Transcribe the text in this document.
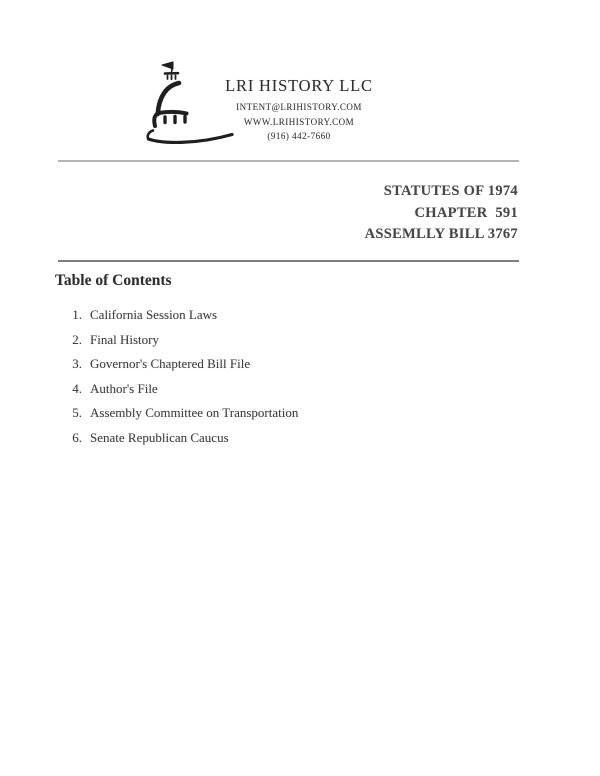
LRI HISTORY LLC
INTENT@LRIHISTORY.COM
WWW.LRIHISTORY.COM
(916) 442-7660
STATUTES OF 1974
CHAPTER  591
ASSEMLLY BILL 3767
Table of Contents
1. California Session Laws
2. Final History
3. Governor's Chaptered Bill File
4. Author's File
5. Assembly Committee on Transportation
6. Senate Republican Caucus
